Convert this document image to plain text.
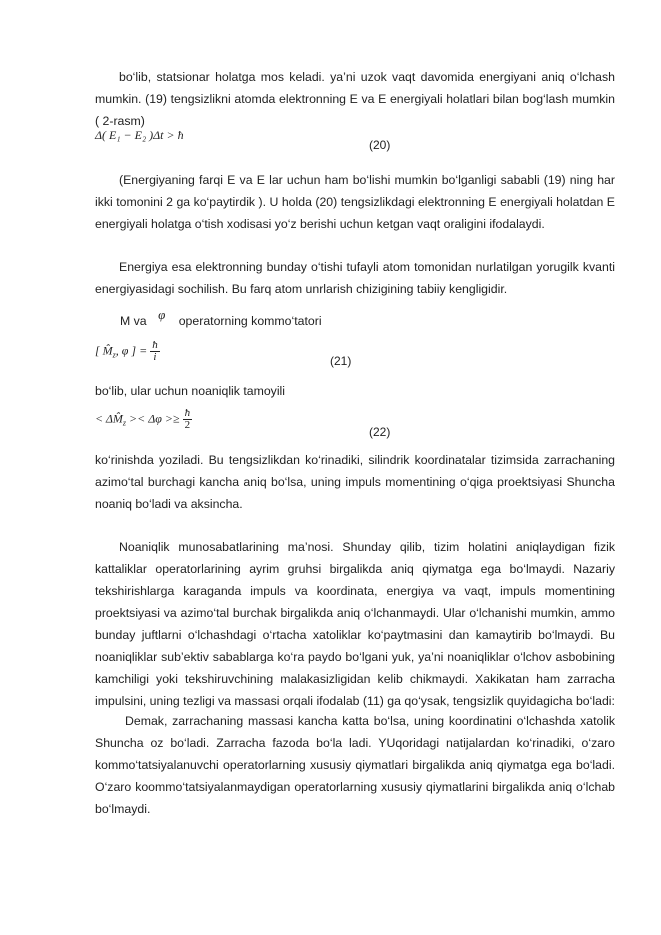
bo‘lib, statsionar holatga mos keladi. ya’ni uzok vaqt davomida energiyani aniq o‘lchash mumkin. (19) tengsizlikni atomda elektronning E va E energiyali holatlari bilan bog‘lash mumkin ( 2-rasm)

Δ( E₁ − E₂ )Δt > ħ
(20)

(Energiyaning farqi E va E lar uchun ham bo‘lishi mumkin bo‘lganligi sababli (19) ning har ikki tomonini 2 ga ko‘paytirdik ). U holda (20) tengsizlikdagi elektronning E energiyali holatdan E energiyali holatga o‘tish xodisasi yo‘z berishi uchun ketgan vaqt oraligini ifodalaydi.

Energiya esa elektronning bunday o‘tishi tufayli atom tomonidan nurlatilgan yorugilk kvanti energiyasidagi sochilish. Bu farq atom unrlarish chizigining tabiiy kengligidir.

M va φ operatorning kommo‘tatori
[ $M̂_z$, φ ] = $\frac{ħ}{i}$	(21)

bo‘lib, ular uchun noaniqlik tamoyili

< $\Delta M̂_z >< \Delta\varphi >\ge \frac{ħ}{2}$
(22)

ko‘rinishda yoziladi. Bu tengsizlikdan ko‘rinadiki, silindrik koordinatalar tizimsida zarrachaning azimo‘tal burchagi kancha aniq bo‘lsa, uning impuls momentining o‘qiga proektsiyasi Shuncha noaniq bo‘ladi va aksincha.

Noaniqlik munosabatlarining ma’nosi. Shunday qilib, tizim holatini aniqlaydigan fizik kattaliklar operatorlarining ayrim gruhsi birgalikda aniq qiymatga ega bo‘lmaydi. Nazariy tekshirishlarga karaganda impuls va koordinata, energiya va vaqt, impuls momentining proektsiyasi va azimo‘tal burchak birgalikda aniq o‘lchanmaydi. Ular o‘lchanishi mumkin, ammo bunday juftlarni o‘lchashdagi o‘rtacha xatoliklar ko‘paytmasini dan kamaytirib bo‘lmaydi. Bu noaniqliklar sub’ektiv sabablarga ko‘ra paydo bo‘lgani yuk, ya’ni noaniqliklar o‘lchov asbobining kamchiligi yoki tekshiruvchining malakasizligidan kelib chikmaydi. Xakikatan ham zarracha impulsini, uning tezligi va massasi orqali ifodalab (11) ga qo‘ysak, tengsizlik quyidagicha bo‘ladi:

Demak, zarrachaning massasi kancha katta bo‘lsa, uning koordinatini o‘lchashda xatolik Shuncha oz bo‘ladi. Zarracha fazoda bo‘la ladi. YUqoridagi natijalardan ko‘rinadiki, o‘zaro kommo‘tatsiyalanuvchi operatorlarning xususiy qiymatlari birgalikda aniq qiymatga ega bo‘ladi. O‘zaro koommo‘tatsiyalanmaydigan operatorlarning xususiy qiymatlarini birgalikda aniq o‘lchab bo‘lmaydi.
